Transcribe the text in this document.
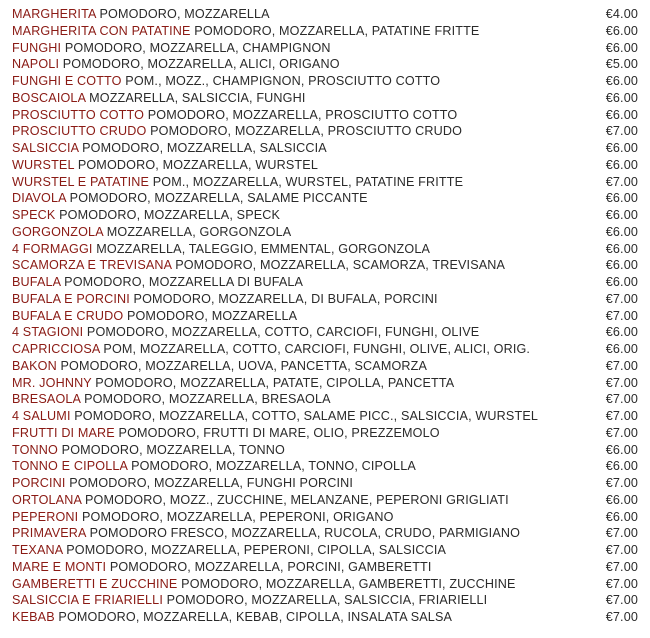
MARGHERITA POMODORO, MOZZARELLA	€4.00
MARGHERITA CON PATATINE POMODORO, MOZZARELLA, PATATINE FRITTE	€6.00
FUNGHI POMODORO, MOZZARELLA, CHAMPIGNON	€6.00
NAPOLI POMODORO, MOZZARELLA, ALICI, ORIGANO	€5.00
FUNGHI E COTTO POM., MOZZ., CHAMPIGNON, PROSCIUTTO COTTO	€6.00
BOSCAIOLA MOZZARELLA, SALSICCIA, FUNGHI	€6.00
PROSCIUTTO COTTO POMODORO, MOZZARELLA, PROSCIUTTO COTTO	€6.00
PROSCIUTTO CRUDO POMODORO, MOZZARELLA, PROSCIUTTO CRUDO	€7.00
SALSICCIA POMODORO, MOZZARELLA, SALSICCIA	€6.00
WURSTEL POMODORO, MOZZARELLA, WURSTEL	€6.00
WURSTEL E PATATINE POM., MOZZARELLA, WURSTEL, PATATINE FRITTE	€7.00
DIAVOLA POMODORO, MOZZARELLA, SALAME PICCANTE	€6.00
SPECK POMODORO, MOZZARELLA, SPECK	€6.00
GORGONZOLA MOZZARELLA, GORGONZOLA	€6.00
4 FORMAGGI MOZZARELLA, TALEGGIO, EMMENTAL, GORGONZOLA	€6.00
SCAMORZA E TREVISANA POMODORO, MOZZARELLA, SCAMORZA, TREVISANA	€6.00
BUFALA POMODORO, MOZZARELLA DI BUFALA	€6.00
BUFALA E PORCINI POMODORO, MOZZARELLA, DI BUFALA, PORCINI	€7.00
BUFALA E CRUDO POMODORO, MOZZARELLA	€7.00
4 STAGIONI POMODORO, MOZZARELLA, COTTO, CARCIOFI, FUNGHI, OLIVE	€6.00
CAPRICCIOSA POM, MOZZARELLA, COTTO, CARCIOFI, FUNGHI, OLIVE, ALICI, ORIG.	€6.00
BAKON POMODORO, MOZZARELLA, UOVA, PANCETTA, SCAMORZA	€7.00
MR. JOHNNY POMODORO, MOZZARELLA, PATATE, CIPOLLA, PANCETTA	€7.00
BRESAOLA POMODORO, MOZZARELLA, BRESAOLA	€7.00
4 SALUMI POMODORO, MOZZARELLA, COTTO, SALAME PICC., SALSICCIA, WURSTEL	€7.00
FRUTTI DI MARE POMODORO, FRUTTI DI MARE, OLIO, PREZZEMOLO	€7.00
TONNO POMODORO, MOZZARELLA, TONNO	€6.00
TONNO E CIPOLLA POMODORO, MOZZARELLA, TONNO, CIPOLLA	€6.00
PORCINI POMODORO, MOZZARELLA, FUNGHI PORCINI	€7.00
ORTOLANA POMODORO, MOZZ., ZUCCHINE, MELANZANE, PEPERONI GRIGLIATI	€6.00
PEPERONI POMODORO, MOZZARELLA, PEPERONI, ORIGANO	€6.00
PRIMAVERA POMODORO FRESCO, MOZZARELLA, RUCOLA, CRUDO, PARMIGIANO	€7.00
TEXANA POMODORO, MOZZARELLA, PEPERONI, CIPOLLA, SALSICCIA	€7.00
MARE E MONTI POMODORO, MOZZARELLA, PORCINI, GAMBERETTI	€7.00
GAMBERETTI E ZUCCHINE POMODORO, MOZZARELLA, GAMBERETTI, ZUCCHINE	€7.00
SALSICCIA E FRIARIELLI POMODORO, MOZZARELLA, SALSICCIA, FRIARIELLI	€7.00
KEBAB POMODORO, MOZZARELLA, KEBAB, CIPOLLA, INSALATA SALSA	€7.00
